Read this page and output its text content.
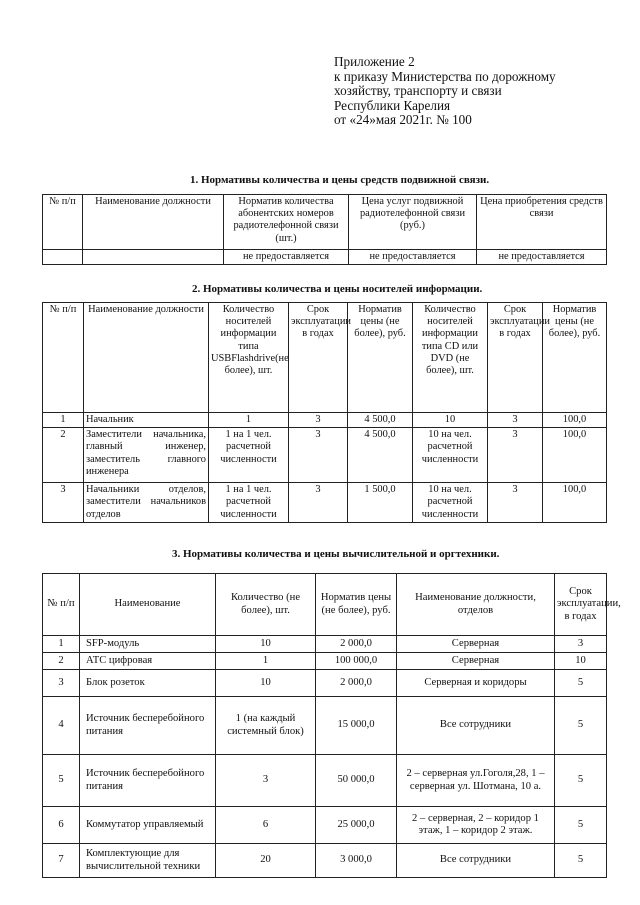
Приложение 2
к приказу Министерства по дорожному
хозяйству, транспорту и связи
Республики Карелия
от «24»мая 2021г. № 100
1. Нормативы количества и цены средств подвижной связи.
№ п/п	Наименование должности	Норматив количества абонентских номеров радиотелефонной связи (шт.)	Цена услуг подвижной радиотелефонной связи (руб.)	Цена приобретения средств связи
		не предоставляется	не предоставляется	не предоставляется
2. Нормативы количества и цены носителей информации.
№ п/п	Наименование должности	Количество носителей информации типа USBFlashdrive(не более), шт.	Срок эксплуатации в годах	Норматив цены (не более), руб.	Количество носителей информации типа CD или DVD (не более), шт.	Срок эксплуатации в годах	Норматив цены (не более), руб.
1	Начальник	1	3	4 500,0	10	3	100,0
2	Заместители начальника, главный инженер, заместитель главного инженера	1 на 1 чел. расчетной численности	3	4 500,0	10 на чел. расчетной численности	3	100,0
3	Начальники отделов, заместители начальников отделов	1 на 1 чел. расчетной численности	3	1 500,0	10 на чел. расчетной численности	3	100,0
3. Нормативы количества и цены вычислительной и оргтехники.
№ п/п	Наименование	Количество (не более), шт.	Норматив цены (не более), руб.	Наименование должности, отделов	Срок эксплуатации, в годах
1	SFP-модуль	10	2 000,0	Серверная	3
2	АТС цифровая	1	100 000,0	Серверная	10
3	Блок розеток	10	2 000,0	Серверная и коридоры	5
4	Источник бесперебойного питания	1 (на каждый системный блок)	15 000,0	Все сотрудники	5
5	Источник бесперебойного питания	3	50 000,0	2 – серверная ул.Гоголя,28, 1 – серверная ул. Шотмана, 10 а.	5
6	Коммутатор управляемый	6	25 000,0	2 – серверная, 2 – коридор 1 этаж, 1 – коридор 2 этаж.	5
7	Комплектующие для вычислительной техники	20	3 000,0	Все сотрудники	5
